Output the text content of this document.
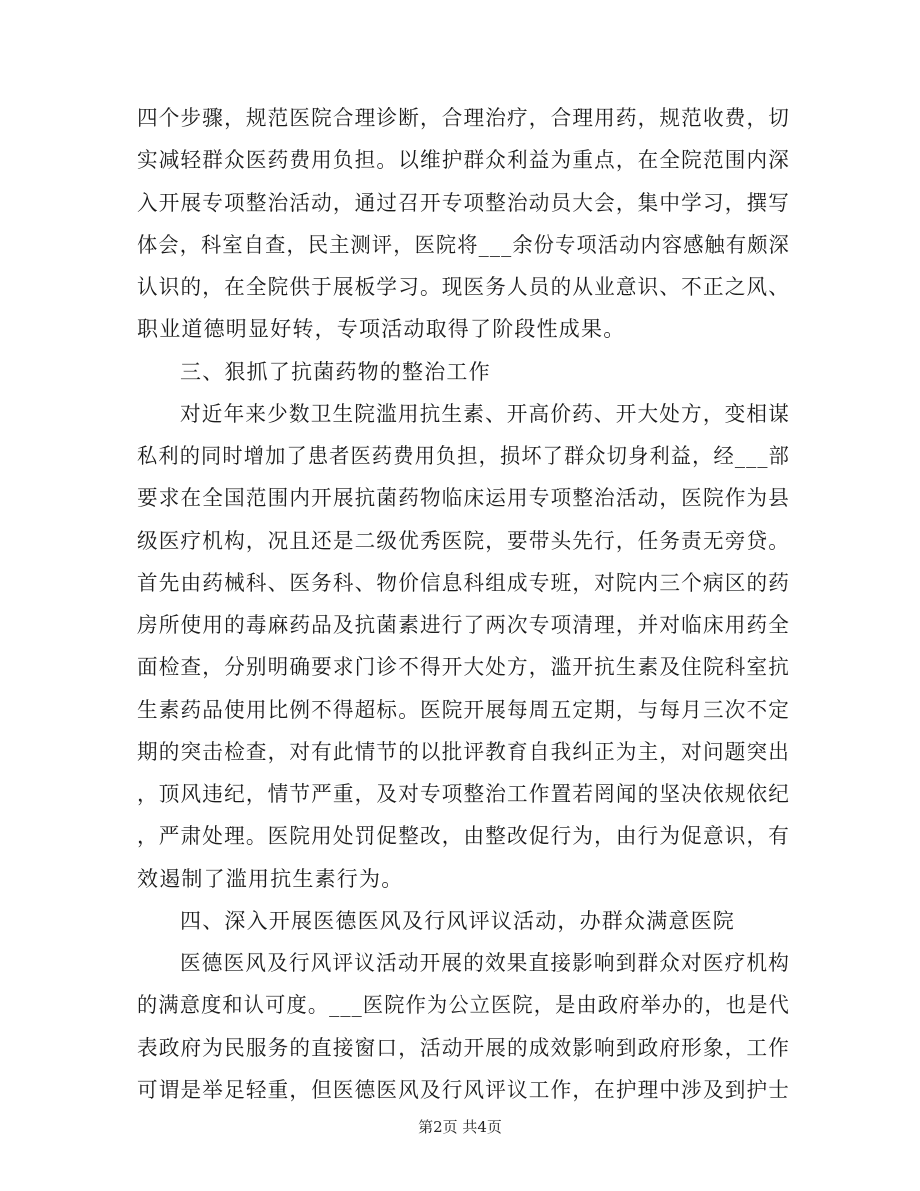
四个步骤，规范医院合理诊断，合理治疗，合理用药，规范收费，切
实减轻群众医药费用负担。以维护群众利益为重点，在全院范围内深
入开展专项整治活动，通过召开专项整治动员大会，集中学习，撰写
体会，科室自查，民主测评，医院将___余份专项活动内容感触有颇深
认识的，在全院供于展板学习。现医务人员的从业意识、不正之风、
职业道德明显好转，专项活动取得了阶段性成果。
三、狠抓了抗菌药物的整治工作
对近年来少数卫生院滥用抗生素、开高价药、开大处方，变相谋
私利的同时增加了患者医药费用负担，损坏了群众切身利益，经___部
要求在全国范围内开展抗菌药物临床运用专项整治活动，医院作为县
级医疗机构，况且还是二级优秀医院，要带头先行，任务责无旁贷。
首先由药械科、医务科、物价信息科组成专班，对院内三个病区的药
房所使用的毒麻药品及抗菌素进行了两次专项清理，并对临床用药全
面检查，分别明确要求门诊不得开大处方，滥开抗生素及住院科室抗
生素药品使用比例不得超标。医院开展每周五定期，与每月三次不定
期的突击检查，对有此情节的以批评教育自我纠正为主，对问题突出
，顶风违纪，情节严重，及对专项整治工作置若罔闻的坚决依规依纪
，严肃处理。医院用处罚促整改，由整改促行为，由行为促意识，有
效遏制了滥用抗生素行为。
四、深入开展医德医风及行风评议活动，办群众满意医院
医德医风及行风评议活动开展的效果直接影响到群众对医疗机构
的满意度和认可度。___医院作为公立医院，是由政府举办的，也是代
表政府为民服务的直接窗口，活动开展的成效影响到政府形象，工作
可谓是举足轻重，但医德医风及行风评议工作，在护理中涉及到护士
第2页 共4页
